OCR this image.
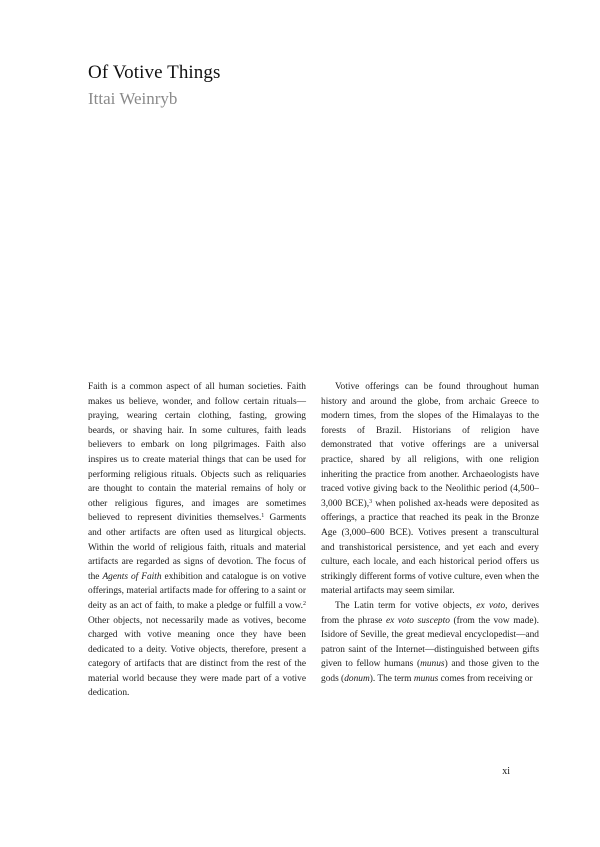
Of Votive Things
Ittai Weinryb

Faith is a common aspect of all human societies. Faith makes us believe, wonder, and follow certain rituals—praying, wearing certain clothing, fasting, growing beards, or shaving hair. In some cultures, faith leads believers to embark on long pilgrimages. Faith also inspires us to create material things that can be used for performing religious rituals. Objects such as reliquaries are thought to contain the material remains of holy or other religious figures, and images are sometimes believed to represent divinities themselves.$^1$ Garments and other artifacts are often used as liturgical objects. Within the world of religious faith, rituals and material artifacts are regarded as signs of devotion. The focus of the Agents of Faith exhibition and catalogue is on votive offerings, material artifacts made for offering to a saint or deity as an act of faith, to make a pledge or fulfill a vow.$^2$ Other objects, not necessarily made as votives, become charged with votive meaning once they have been dedicated to a deity. Votive objects, therefore, present a category of artifacts that are distinct from the rest of the material world because they were made part of a votive dedication.

Votive offerings can be found throughout human history and around the globe, from archaic Greece to modern times, from the slopes of the Himalayas to the forests of Brazil. Historians of religion have demonstrated that votive offerings are a universal practice, shared by all religions, with one religion inheriting the practice from another. Archaeologists have traced votive giving back to the Neolithic period (4,500–3,000 BCE),$^3$ when polished ax-heads were deposited as offerings, a practice that reached its peak in the Bronze Age (3,000–600 BCE). Votives present a transcultural and transhistorical persistence, and yet each and every culture, each locale, and each historical period offers us strikingly different forms of votive culture, even when the material artifacts may seem similar.

The Latin term for votive objects, ex voto, derives from the phrase ex voto suscepto (from the vow made). Isidore of Seville, the great medieval encyclopedist—and patron saint of the Internet—distinguished between gifts given to fellow humans (munus) and those given to the gods (donum). The term munus comes from receiving or

xi
